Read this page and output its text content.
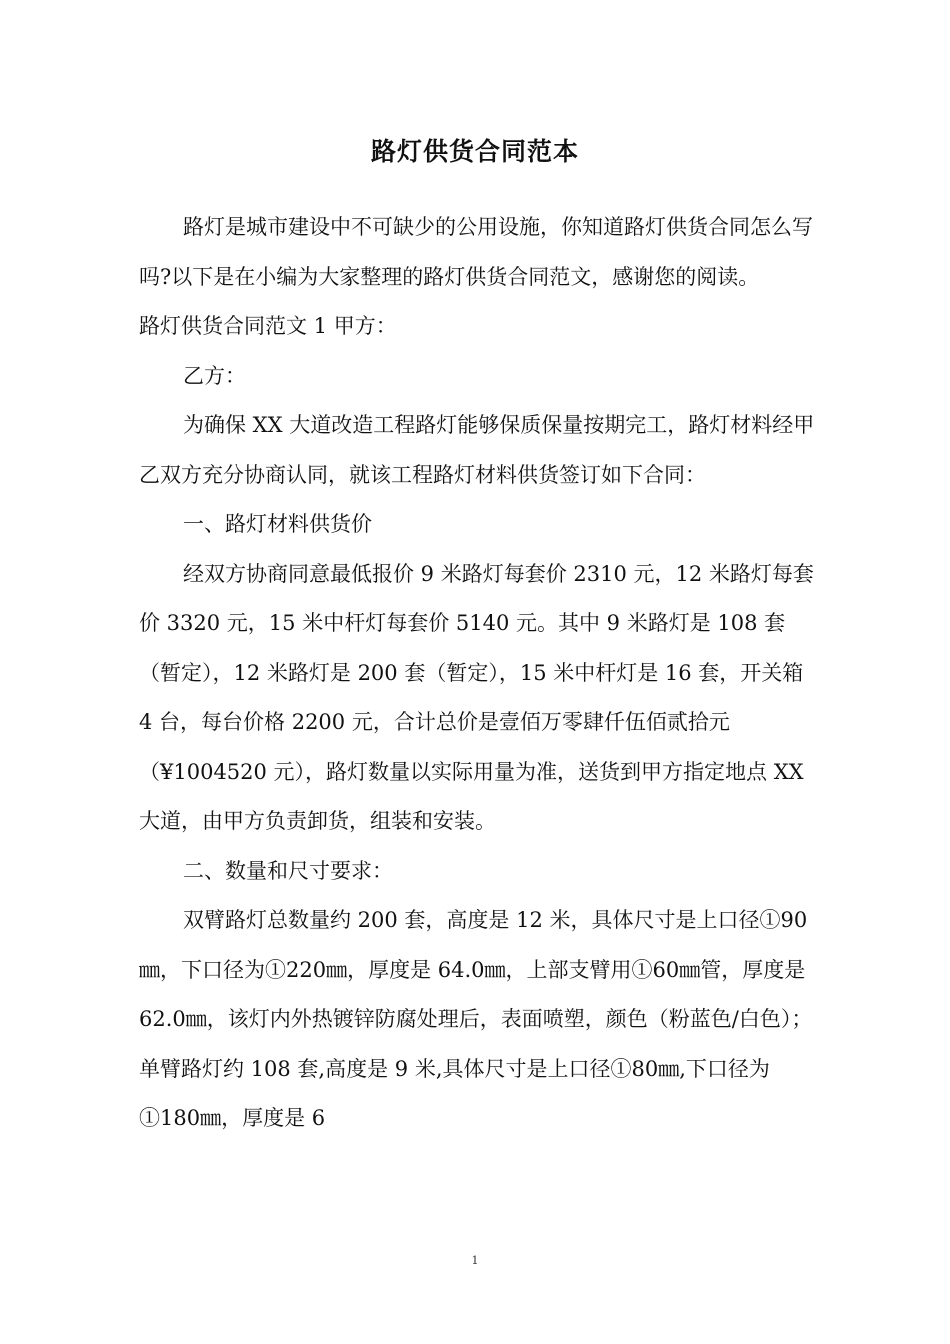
路灯供货合同范本

路灯是城市建设中不可缺少的公用设施，你知道路灯供货合同怎么写吗?以下是在小编为大家整理的路灯供货合同范文，感谢您的阅读。

路灯供货合同范文 1 甲方：

乙方：

为确保 XX 大道改造工程路灯能够保质保量按期完工，路灯材料经甲乙双方充分协商认同，就该工程路灯材料供货签订如下合同：

一、路灯材料供货价

经双方协商同意最低报价 9 米路灯每套价 2310 元，12 米路灯每套价 3320 元，15 米中杆灯每套价 5140 元。其中 9 米路灯是 108 套（暂定），12 米路灯是 200 套（暂定），15 米中杆灯是 16 套，开关箱 4 台，每台价格 2200 元，合计总价是壹佰万零肆仟伍佰贰拾元（¥1004520 元），路灯数量以实际用量为准，送货到甲方指定地点 XX 大道，由甲方负责卸货，组装和安装。

二、数量和尺寸要求：

双臂路灯总数量约 200 套，高度是 12 米，具体尺寸是上口径①90㎜，下口径为①220㎜，厚度是 64.0㎜，上部支臂用①60㎜管，厚度是 62.0㎜，该灯内外热镀锌防腐处理后，表面喷塑，颜色（粉蓝色/白色）；单臂路灯约 108 套,高度是 9 米,具体尺寸是上口径①80㎜,下口径为①180㎜，厚度是 6

1
